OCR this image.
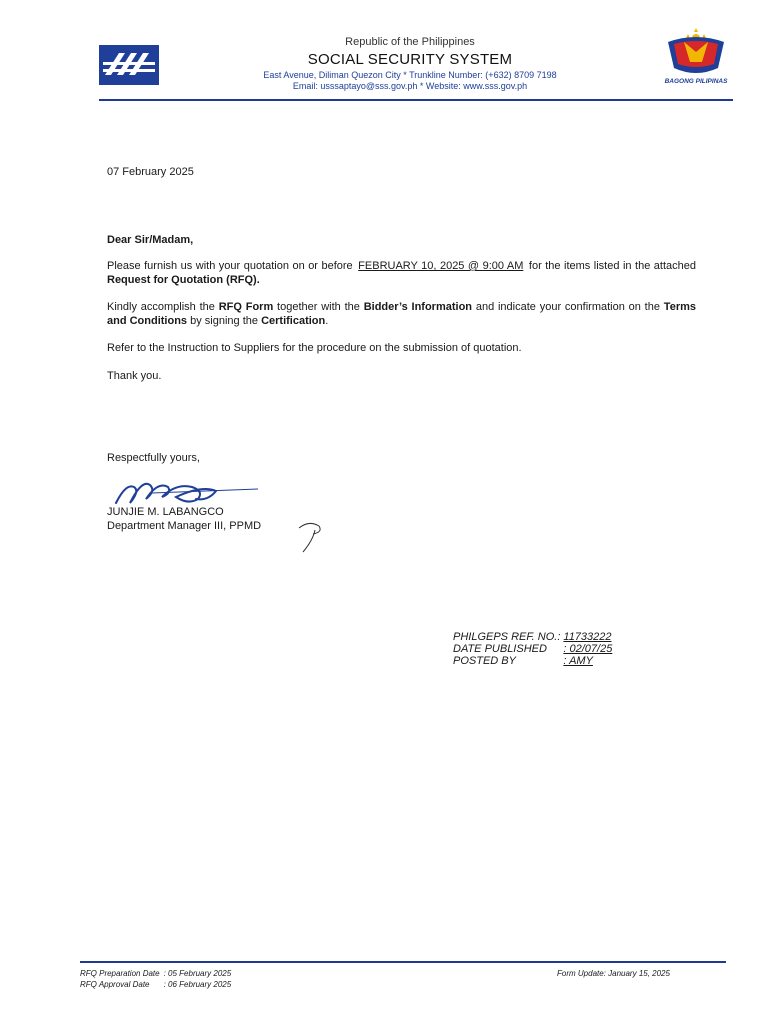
Republic of the Philippines
SOCIAL SECURITY SYSTEM
East Avenue, Diliman Quezon City * Trunkline Number: (+632) 8709 7198
Email: usssaptayo@sss.gov.ph * Website: www.sss.gov.ph	BAGONG PILIPINAS
07 February 2025
Dear Sir/Madam,
Please furnish us with your quotation on or before FEBRUARY 10, 2025 @ 9:00 AM for the items listed in the attached Request for Quotation (RFQ).
Kindly accomplish the RFQ Form together with the Bidder’s Information and indicate your confirmation on the Terms and Conditions by signing the Certification.
Refer to the Instruction to Suppliers for the procedure on the submission of quotation.
Thank you.
Respectfully yours,
JUNJIE M. LABANGCO
Department Manager III, PPMD
PHILGEPS REF. NO.:	11733222
DATE PUBLISHED	: 02/07/25
POSTED BY	: AMY
RFQ Preparation Date	: 05 February 2025
RFQ Approval Date	: 06 February 2025
Form Update: January 15, 2025
